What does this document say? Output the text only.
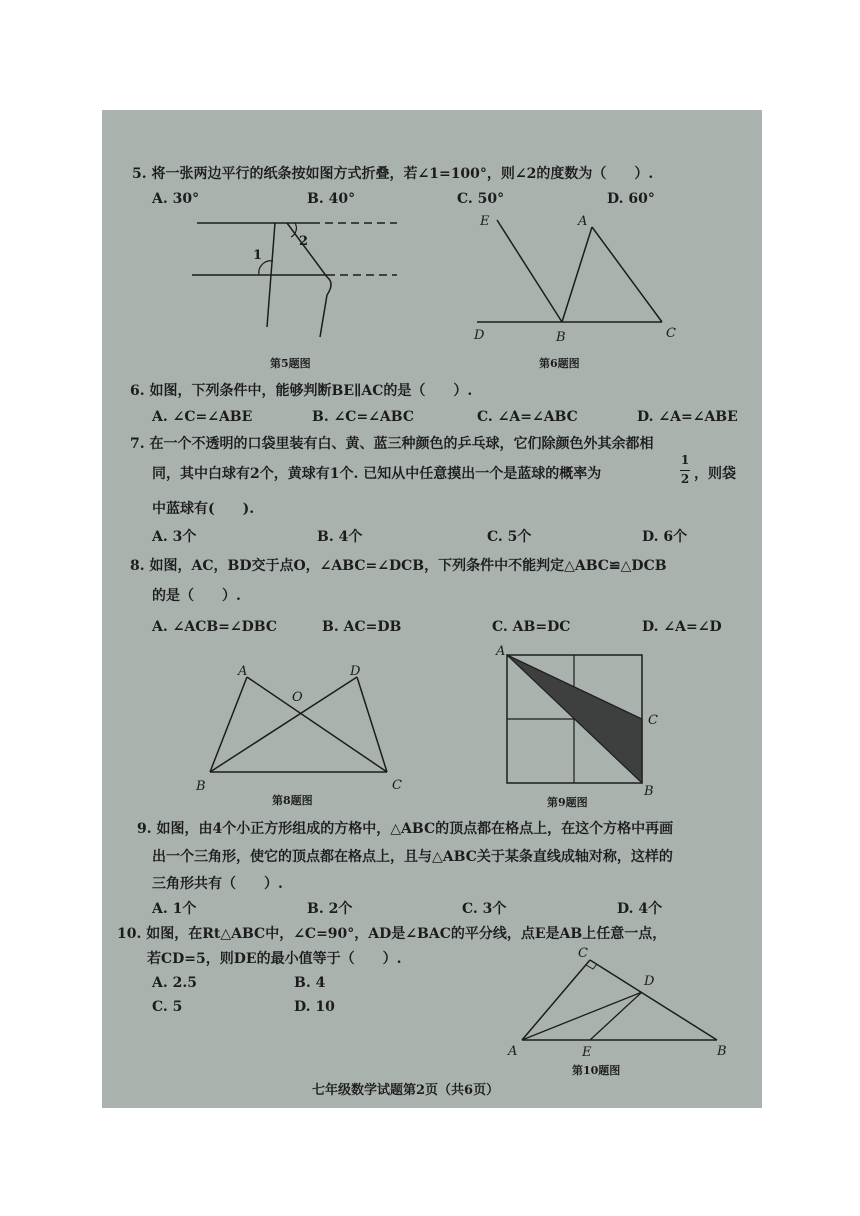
5. 将一张两边平行的纸条按如图方式折叠，若∠1=100°，则∠2的度数为（　　）.
A. 30°	B. 40°	C. 50°	D. 60°
1
2
第5题图
E	A
D	B	C
第6题图
6. 如图，下列条件中，能够判断BE∥AC的是（　　）.
A. ∠C=∠ABE	B. ∠C=∠ABC	C. ∠A=∠ABC	D. ∠A=∠ABE
7. 在一个不透明的口袋里装有白、黄、蓝三种颜色的乒乓球，它们除颜色外其余都相
同，其中白球有2个，黄球有1个. 已知从中任意摸出一个是蓝球的概率为
1
2 ，则袋
中蓝球有(　　).
A. 3个	B. 4个	C. 5个	D. 6个
8. 如图，AC，BD交于点O，∠ABC=∠DCB，下列条件中不能判定△ABC≌△DCB
的是（　　）.
A. ∠ACB=∠DBC	B. AC=DB	C. AB=DC	D. ∠A=∠D
A	D
O
B	C
第8题图
A
C
B
第9题图
9. 如图，由4个小正方形组成的方格中，△ABC的顶点都在格点上，在这个方格中再画
出一个三角形，使它的顶点都在格点上，且与△ABC关于某条直线成轴对称，这样的
三角形共有（　　）.
A. 1个	B. 2个	C. 3个	D. 4个
10. 如图，在Rt△ABC中，∠C=90°，AD是∠BAC的平分线，点E是AB上任意一点，
若CD=5，则DE的最小值等于（　　）.
A. 2.5	B. 4
C. 5	D. 10
C
D
A	E	B
第10题图
七年级数学试题第2页（共6页）
